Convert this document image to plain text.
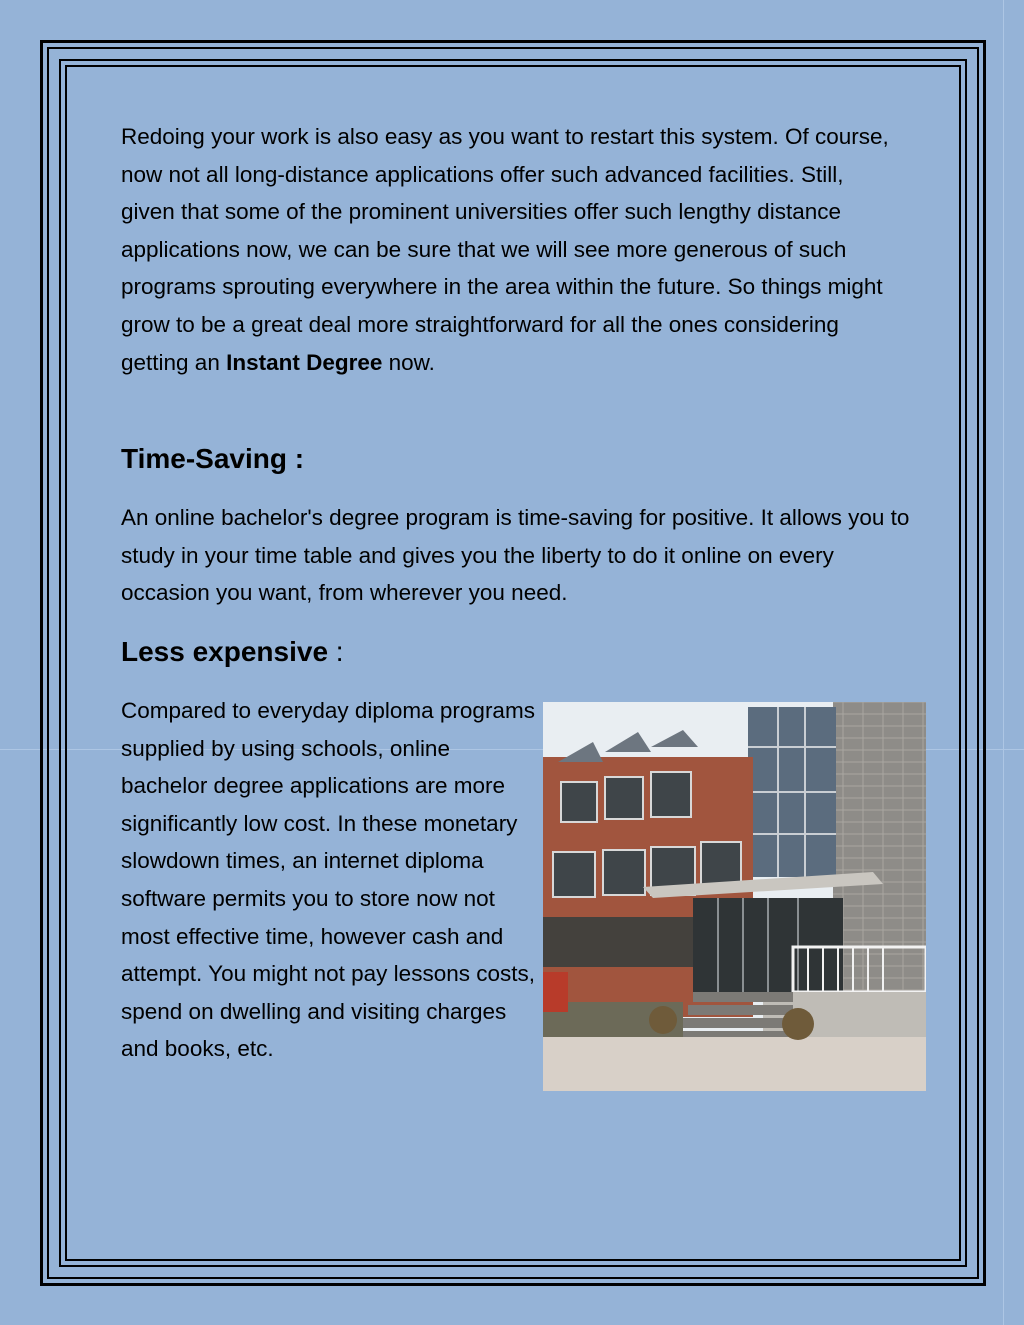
Redoing your work is also easy as you want to restart this system. Of course, now not all long-distance applications offer such advanced facilities. Still, given that some of the prominent universities offer such lengthy distance applications now, we can be sure that we will see more generous of such programs sprouting everywhere in the area within the future. So things might grow to be a great deal more straightforward for all the ones considering getting an Instant Degree now.

Time-Saving :

An online bachelor's degree program is time-saving for positive. It allows you to study in your time table and gives you the liberty to do it online on every occasion you want, from wherever you need.

Less expensive :

Compared to everyday diploma programs supplied by using schools, online bachelor degree applications are more significantly low cost. In these monetary slowdown times, an internet diploma software permits you to store now not most effective time, however cash and attempt. You might not pay lessons costs, spend on dwelling and visiting charges and books, etc.
